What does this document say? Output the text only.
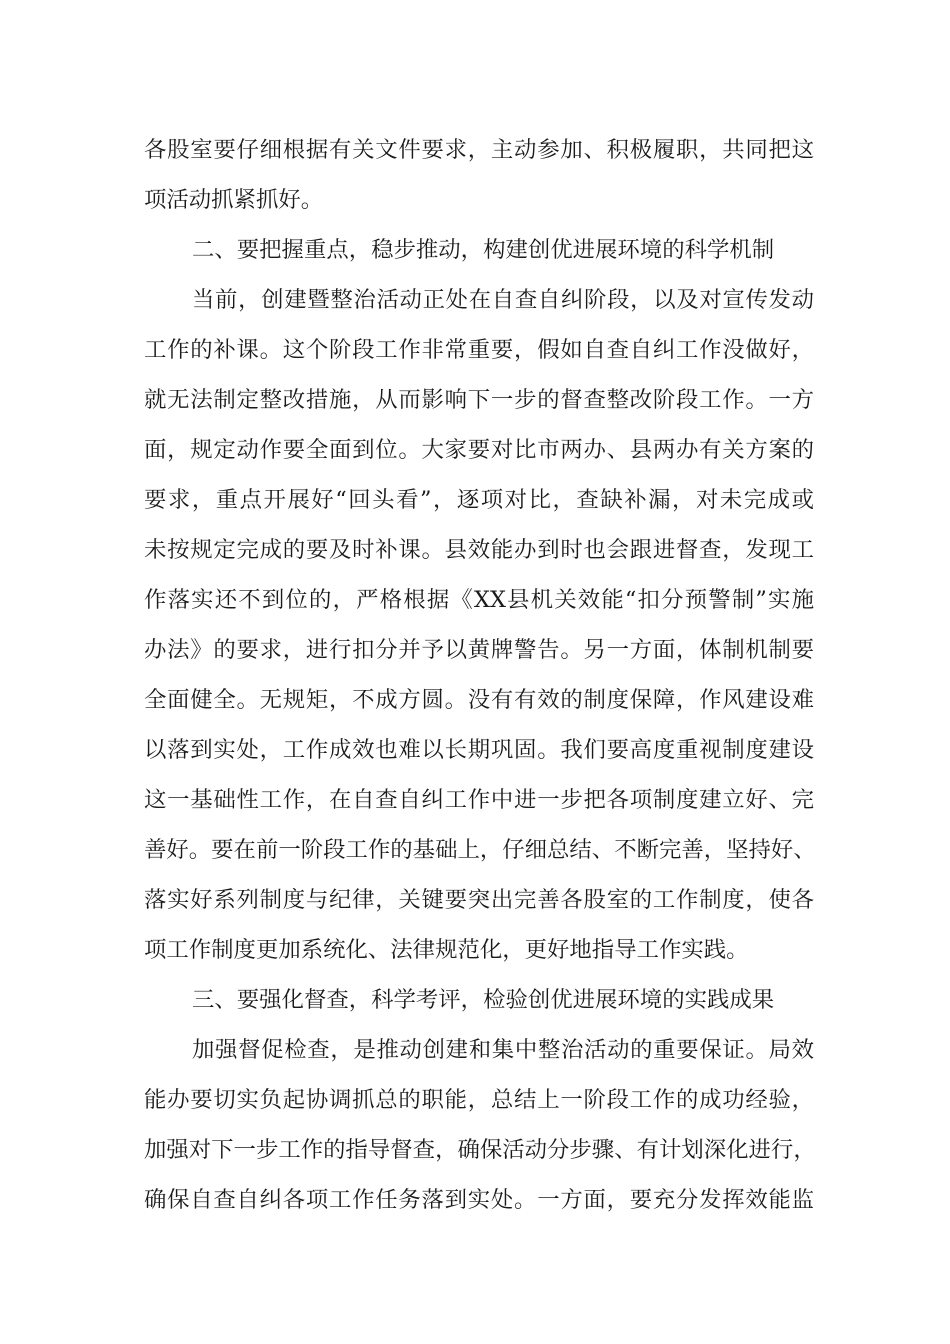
各股室要仔细根据有关文件要求，主动参加、积极履职，共同把这
项活动抓紧抓好。
二、要把握重点，稳步推动，构建创优进展环境的科学机制
当前，创建暨整治活动正处在自查自纠阶段，以及对宣传发动
工作的补课。这个阶段工作非常重要，假如自查自纠工作没做好，
就无法制定整改措施，从而影响下一步的督查整改阶段工作。一方
面，规定动作要全面到位。大家要对比市两办、县两办有关方案的
要求，重点开展好“回头看”，逐项对比，查缺补漏，对未完成或
未按规定完成的要及时补课。县效能办到时也会跟进督查，发现工
作落实还不到位的，严格根据《XX县机关效能“扣分预警制”实施
办法》的要求，进行扣分并予以黄牌警告。另一方面，体制机制要
全面健全。无规矩，不成方圆。没有有效的制度保障，作风建设难
以落到实处，工作成效也难以长期巩固。我们要高度重视制度建设
这一基础性工作，在自查自纠工作中进一步把各项制度建立好、完
善好。要在前一阶段工作的基础上，仔细总结、不断完善，坚持好、
落实好系列制度与纪律，关键要突出完善各股室的工作制度，使各
项工作制度更加系统化、法律规范化，更好地指导工作实践。
三、要强化督查，科学考评，检验创优进展环境的实践成果
加强督促检查，是推动创建和集中整治活动的重要保证。局效
能办要切实负起协调抓总的职能，总结上一阶段工作的成功经验，
加强对下一步工作的指导督查，确保活动分步骤、有计划深化进行，
确保自查自纠各项工作任务落到实处。一方面，要充分发挥效能监
